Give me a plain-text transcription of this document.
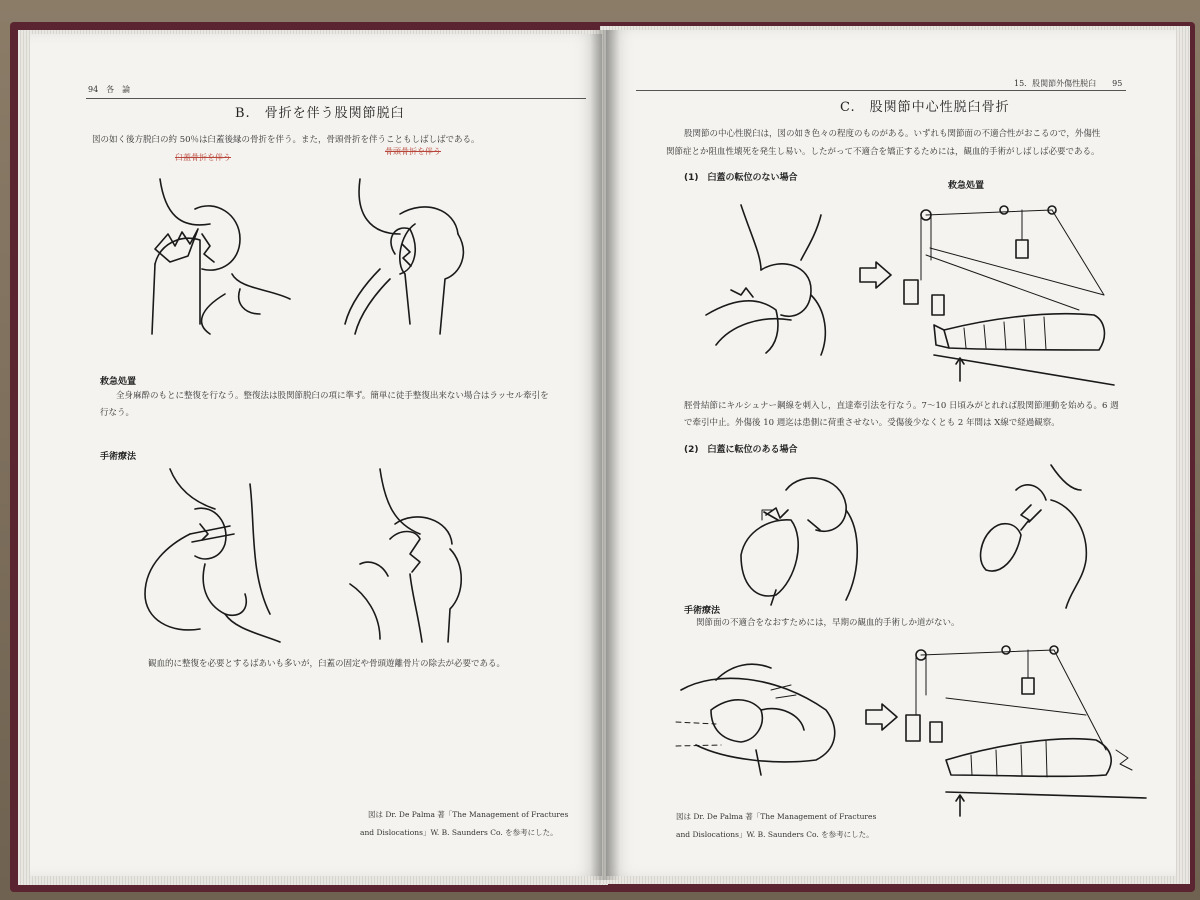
94　各　論
B.　骨折を伴う股関節脱臼
図の如く後方脱臼の約 50％は臼蓋後縁の骨折を伴う。また，骨頭骨折を伴うこともしばしばである。
臼蓋骨折を伴う
骨頭骨折を伴う
救急処置
全身麻酔のもとに整復を行なう。整復法は股関節脱臼の項に準ず。簡単に徒手整復出来ない場合はラッセル牽引を
行なう。
手術療法
観血的に整復を必要とするばあいも多いが，臼蓋の固定や骨頭遊離骨片の除去が必要である。
図は Dr. De Palma 著「The Management of Fractures
and Dislocations」W. B. Saunders Co. を参考にした。
15．股関節外傷性脱臼　　95
C.　股関節中心性脱臼骨折
股関節の中心性脱臼は，図の如き色々の程度のものがある。いずれも関節面の不適合性がおこるので，外傷性
関節症とか阻血性壊死を発生し易い。したがって不適合を矯正するためには，観血的手術がしばしば必要である。
(1)　臼蓋の転位のない場合
救急処置
脛骨結節にキルシュナー鋼線を刺入し，直達牽引法を行なう。7〜10 日頃みがとれれば股関節運動を始める。6 週
で牽引中止。外傷後 10 週迄は患側に荷重させない。受傷後少なくとも 2 年間は Ⅹ線で経過観察。
(2)　臼蓋に転位のある場合
手術療法
関節面の不適合をなおすためには，早期の観血的手術しか道がない。
図は Dr. De Palma 著「The Management of Fractures
and Dislocations」W. B. Saunders Co. を参考にした。
